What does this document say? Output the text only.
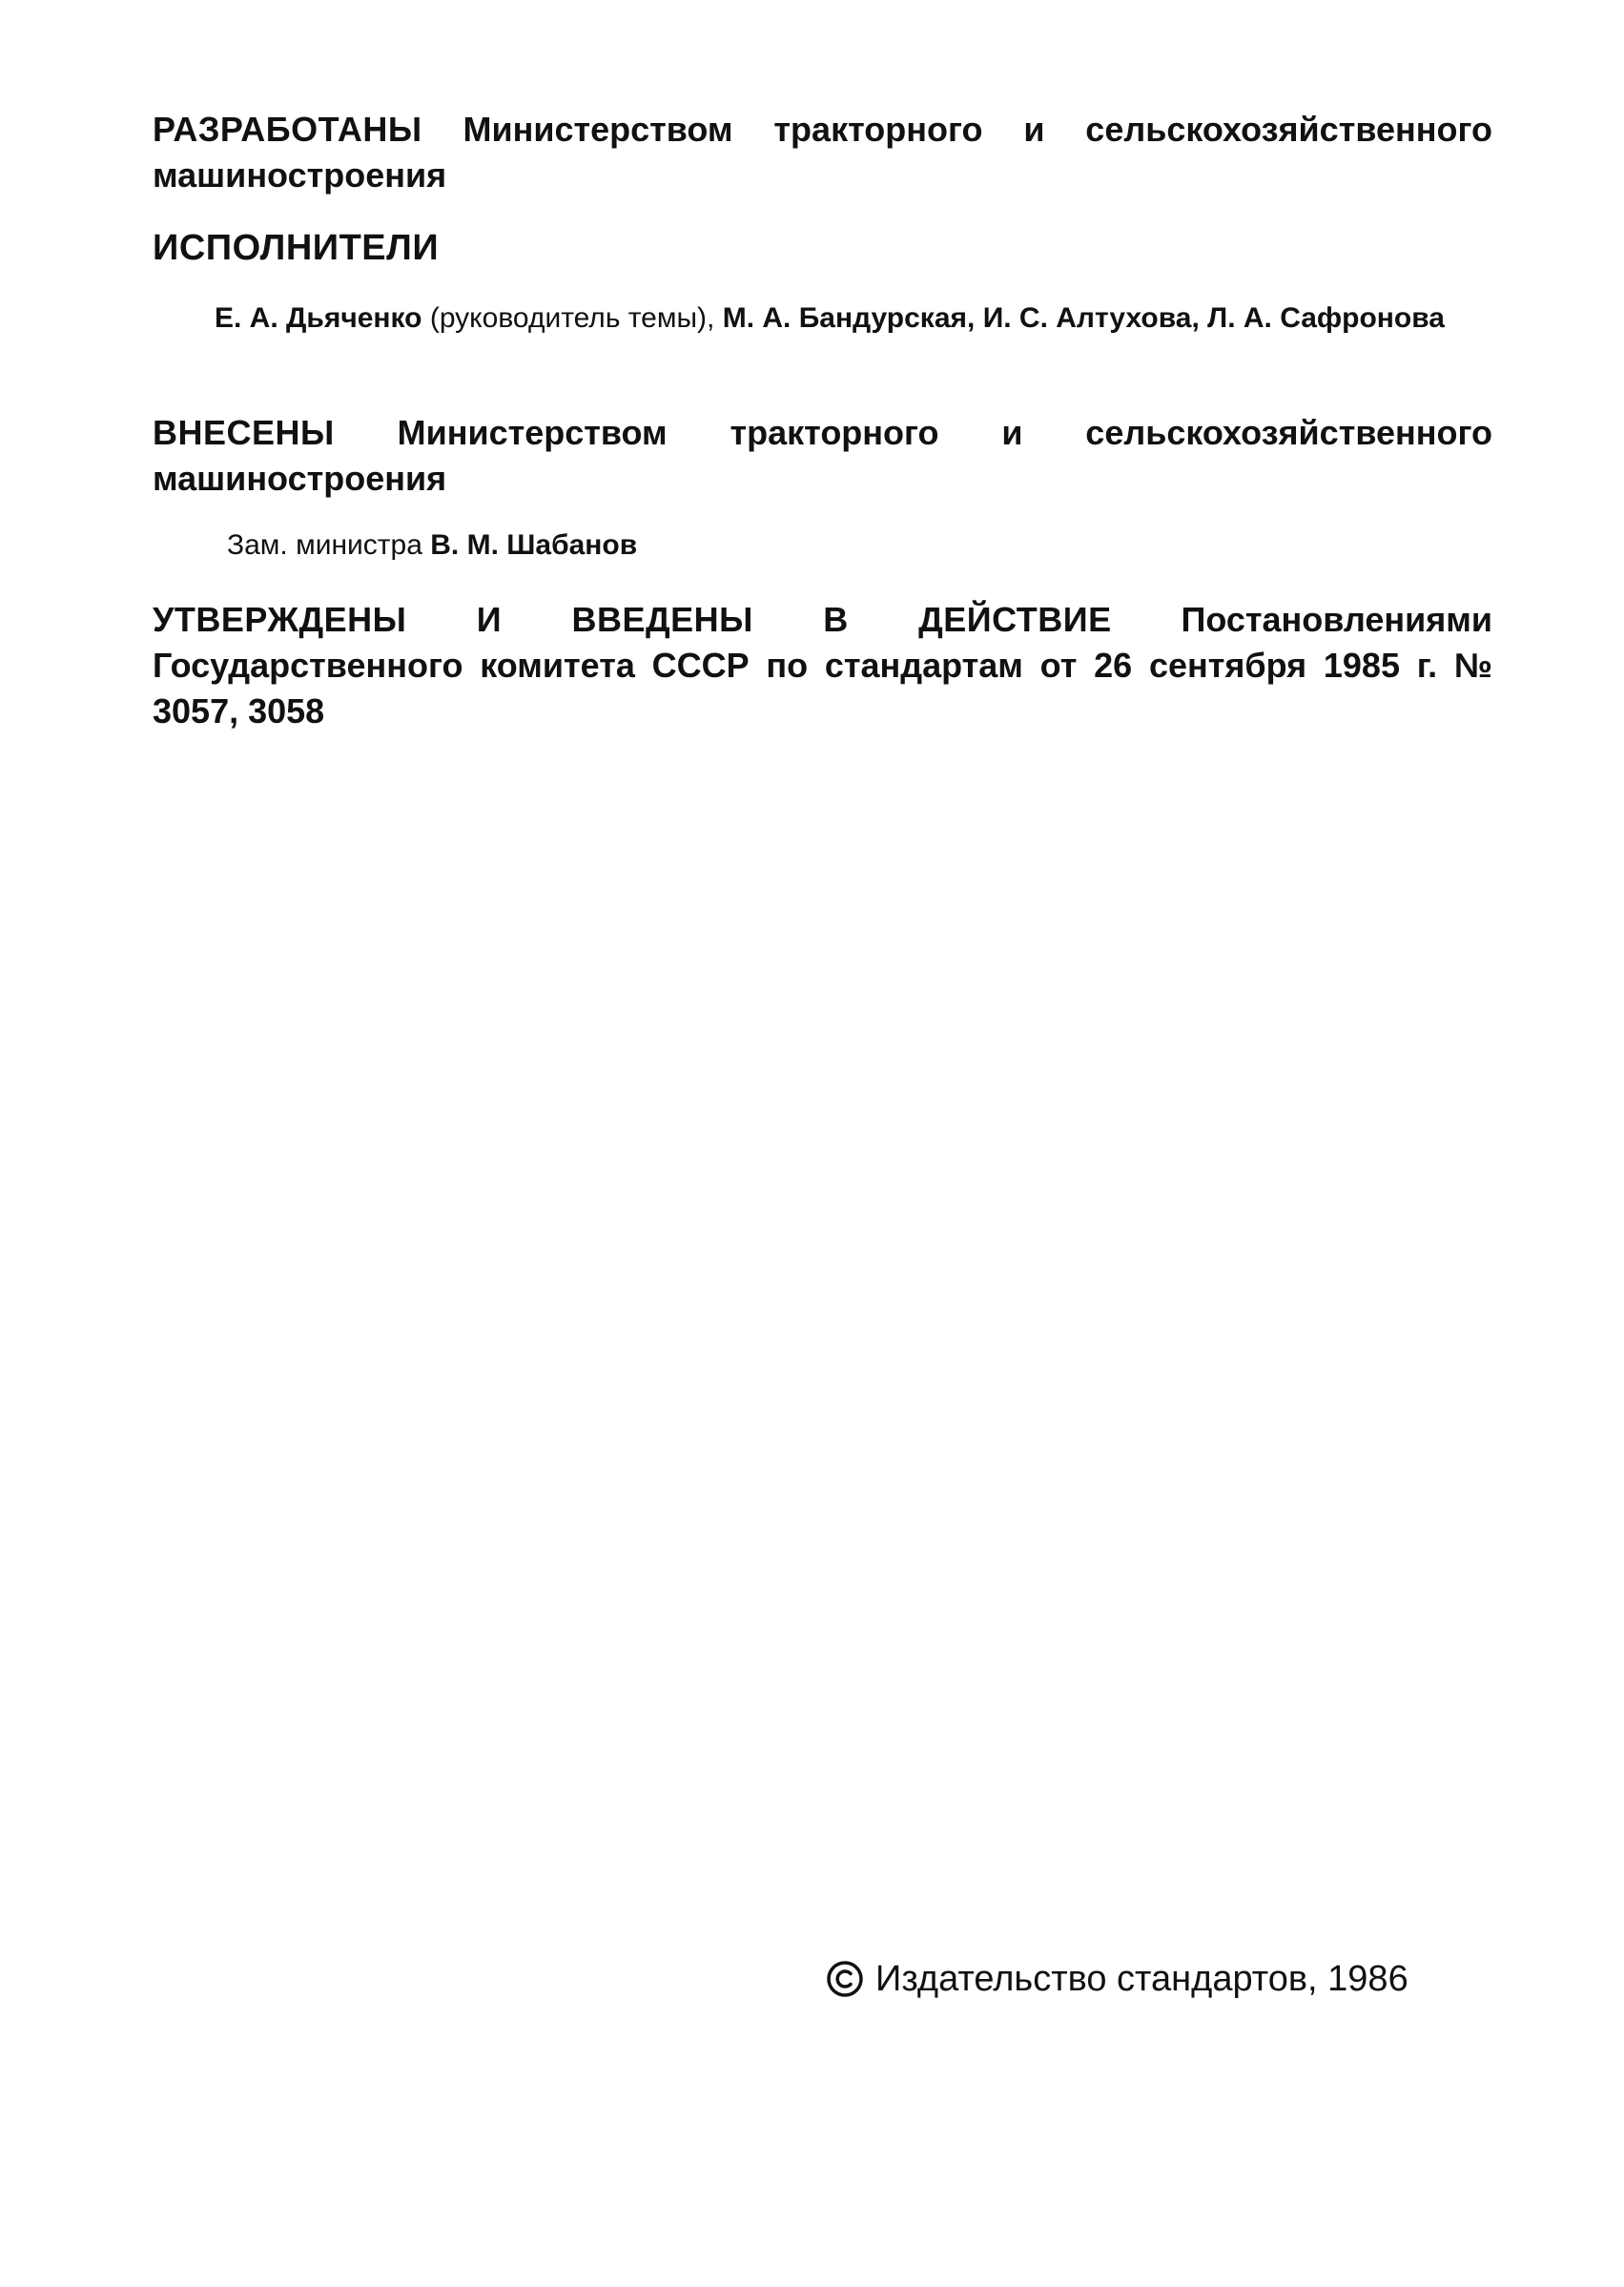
РАЗРАБОТАНЫ Министерством тракторного и сельскохозяйственного машиностроения
ИСПОЛНИТЕЛИ
Е. А. Дьяченко (руководитель темы), М. А. Бандурская, И. С. Алтухова, Л. А. Сафронова
ВНЕСЕНЫ Министерством тракторного и сельскохозяйственного машиностроения
Зам. министра В. М. Шабанов
УТВЕРЖДЕНЫ И ВВЕДЕНЫ В ДЕЙСТВИЕ Постановлениями Государственного комитета СССР по стандартам от 26 сентября 1985 г. № 3057, 3058
Издательство стандартов, 1986
